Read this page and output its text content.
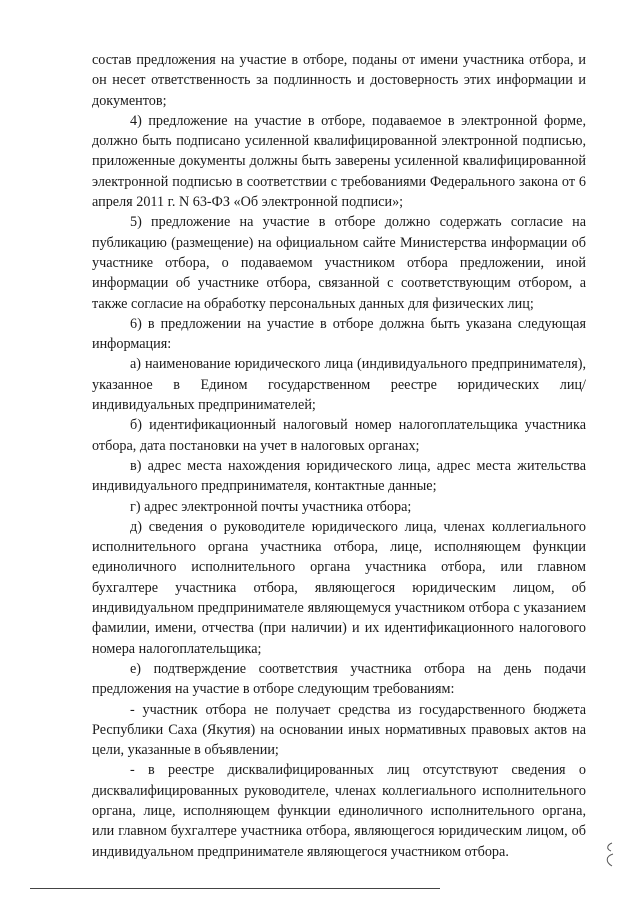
состав предложения на участие в отборе, поданы от имени участника отбора, и он несет ответственность за подлинность и достоверность этих информации и документов;

4) предложение на участие в отборе, подаваемое в электронной форме, должно быть подписано усиленной квалифицированной электронной подписью, приложенные документы должны быть заверены усиленной квалифицированной электронной подписью в соответствии с требованиями Федерального закона от 6 апреля 2011 г. N 63-ФЗ «Об электронной подписи»;

5) предложение на участие в отборе должно содержать согласие на публикацию (размещение) на официальном сайте Министерства информации об участнике отбора, о подаваемом участником отбора предложении, иной информации об участнике отбора, связанной с соответствующим отбором, а также согласие на обработку персональных данных для физических лиц;

6) в предложении на участие в отборе должна быть указана следующая информация:

а) наименование юридического лица (индивидуального предпринимателя), указанное в Едином государственном реестре юридических лиц/индивидуальных предпринимателей;

б) идентификационный налоговый номер налогоплательщика участника отбора, дата постановки на учет в налоговых органах;

в) адрес места нахождения юридического лица, адрес места жительства индивидуального предпринимателя, контактные данные;

г) адрес электронной почты участника отбора;

д) сведения о руководителе юридического лица, членах коллегиального исполнительного органа участника отбора, лице, исполняющем функции единоличного исполнительного органа участника отбора, или главном бухгалтере участника отбора, являющегося юридическим лицом, об индивидуальном предпринимателе являющемуся участником отбора с указанием фамилии, имени, отчества (при наличии) и их идентификационного налогового номера налогоплательщика;

е) подтверждение соответствия участника отбора на день подачи предложения на участие в отборе следующим требованиям:

- участник отбора не получает средства из государственного бюджета Республики Саха (Якутия) на основании иных нормативных правовых актов на цели, указанные в объявлении;

- в реестре дисквалифицированных лиц отсутствуют сведения о дисквалифицированных руководителе, членах коллегиального исполнительного органа, лице, исполняющем функции единоличного исполнительного органа, или главном бухгалтере участника отбора, являющегося юридическим лицом, об индивидуальном предпринимателе являющегося участником отбора.
